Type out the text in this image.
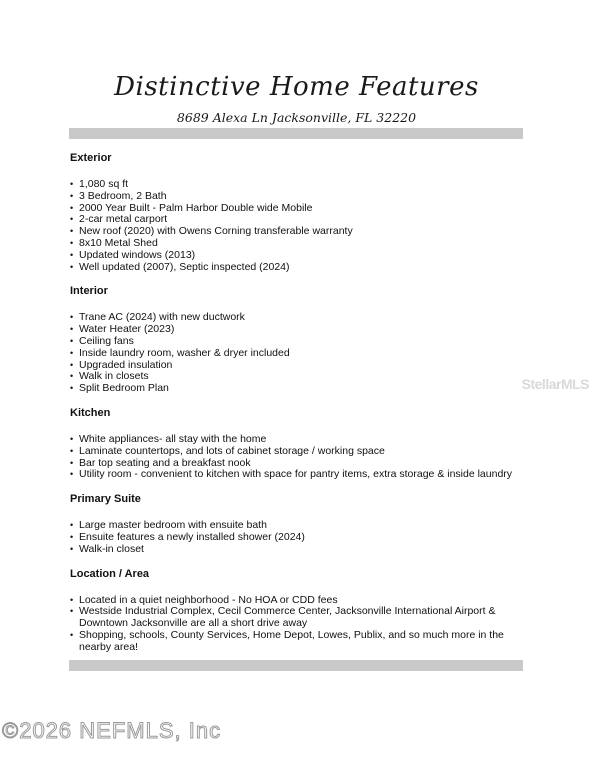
Distinctive Home Features
8689 Alexa Ln Jacksonville, FL 32220
Exterior
• 1,080 sq ft
• 3 Bedroom, 2 Bath
• 2000 Year Built - Palm Harbor Double wide Mobile
• 2-car metal carport
• New roof (2020) with Owens Corning transferable warranty
• 8x10 Metal Shed
• Updated windows (2013)
• Well updated (2007), Septic inspected (2024)
Interior
• Trane AC (2024) with new ductwork
• Water Heater (2023)
• Ceiling fans
• Inside laundry room, washer & dryer included
• Upgraded insulation
• Walk in closets
• Split Bedroom Plan
Kitchen
• White appliances- all stay with the home
• Laminate countertops, and lots of cabinet storage / working space
• Bar top seating and a breakfast nook
• Utility room - convenient to kitchen with space for pantry items, extra storage & inside laundry
Primary Suite
• Large master bedroom with ensuite bath
• Ensuite features a newly installed shower (2024)
• Walk-in closet
Location / Area
• Located in a quiet neighborhood - No HOA or CDD fees
• Westside Industrial Complex, Cecil Commerce Center, Jacksonville International Airport & Downtown Jacksonville are all a short drive away
• Shopping, schools, County Services, Home Depot, Lowes, Publix, and so much more in the nearby area!
StellarMLS
©2026 NEFMLS, Inc
